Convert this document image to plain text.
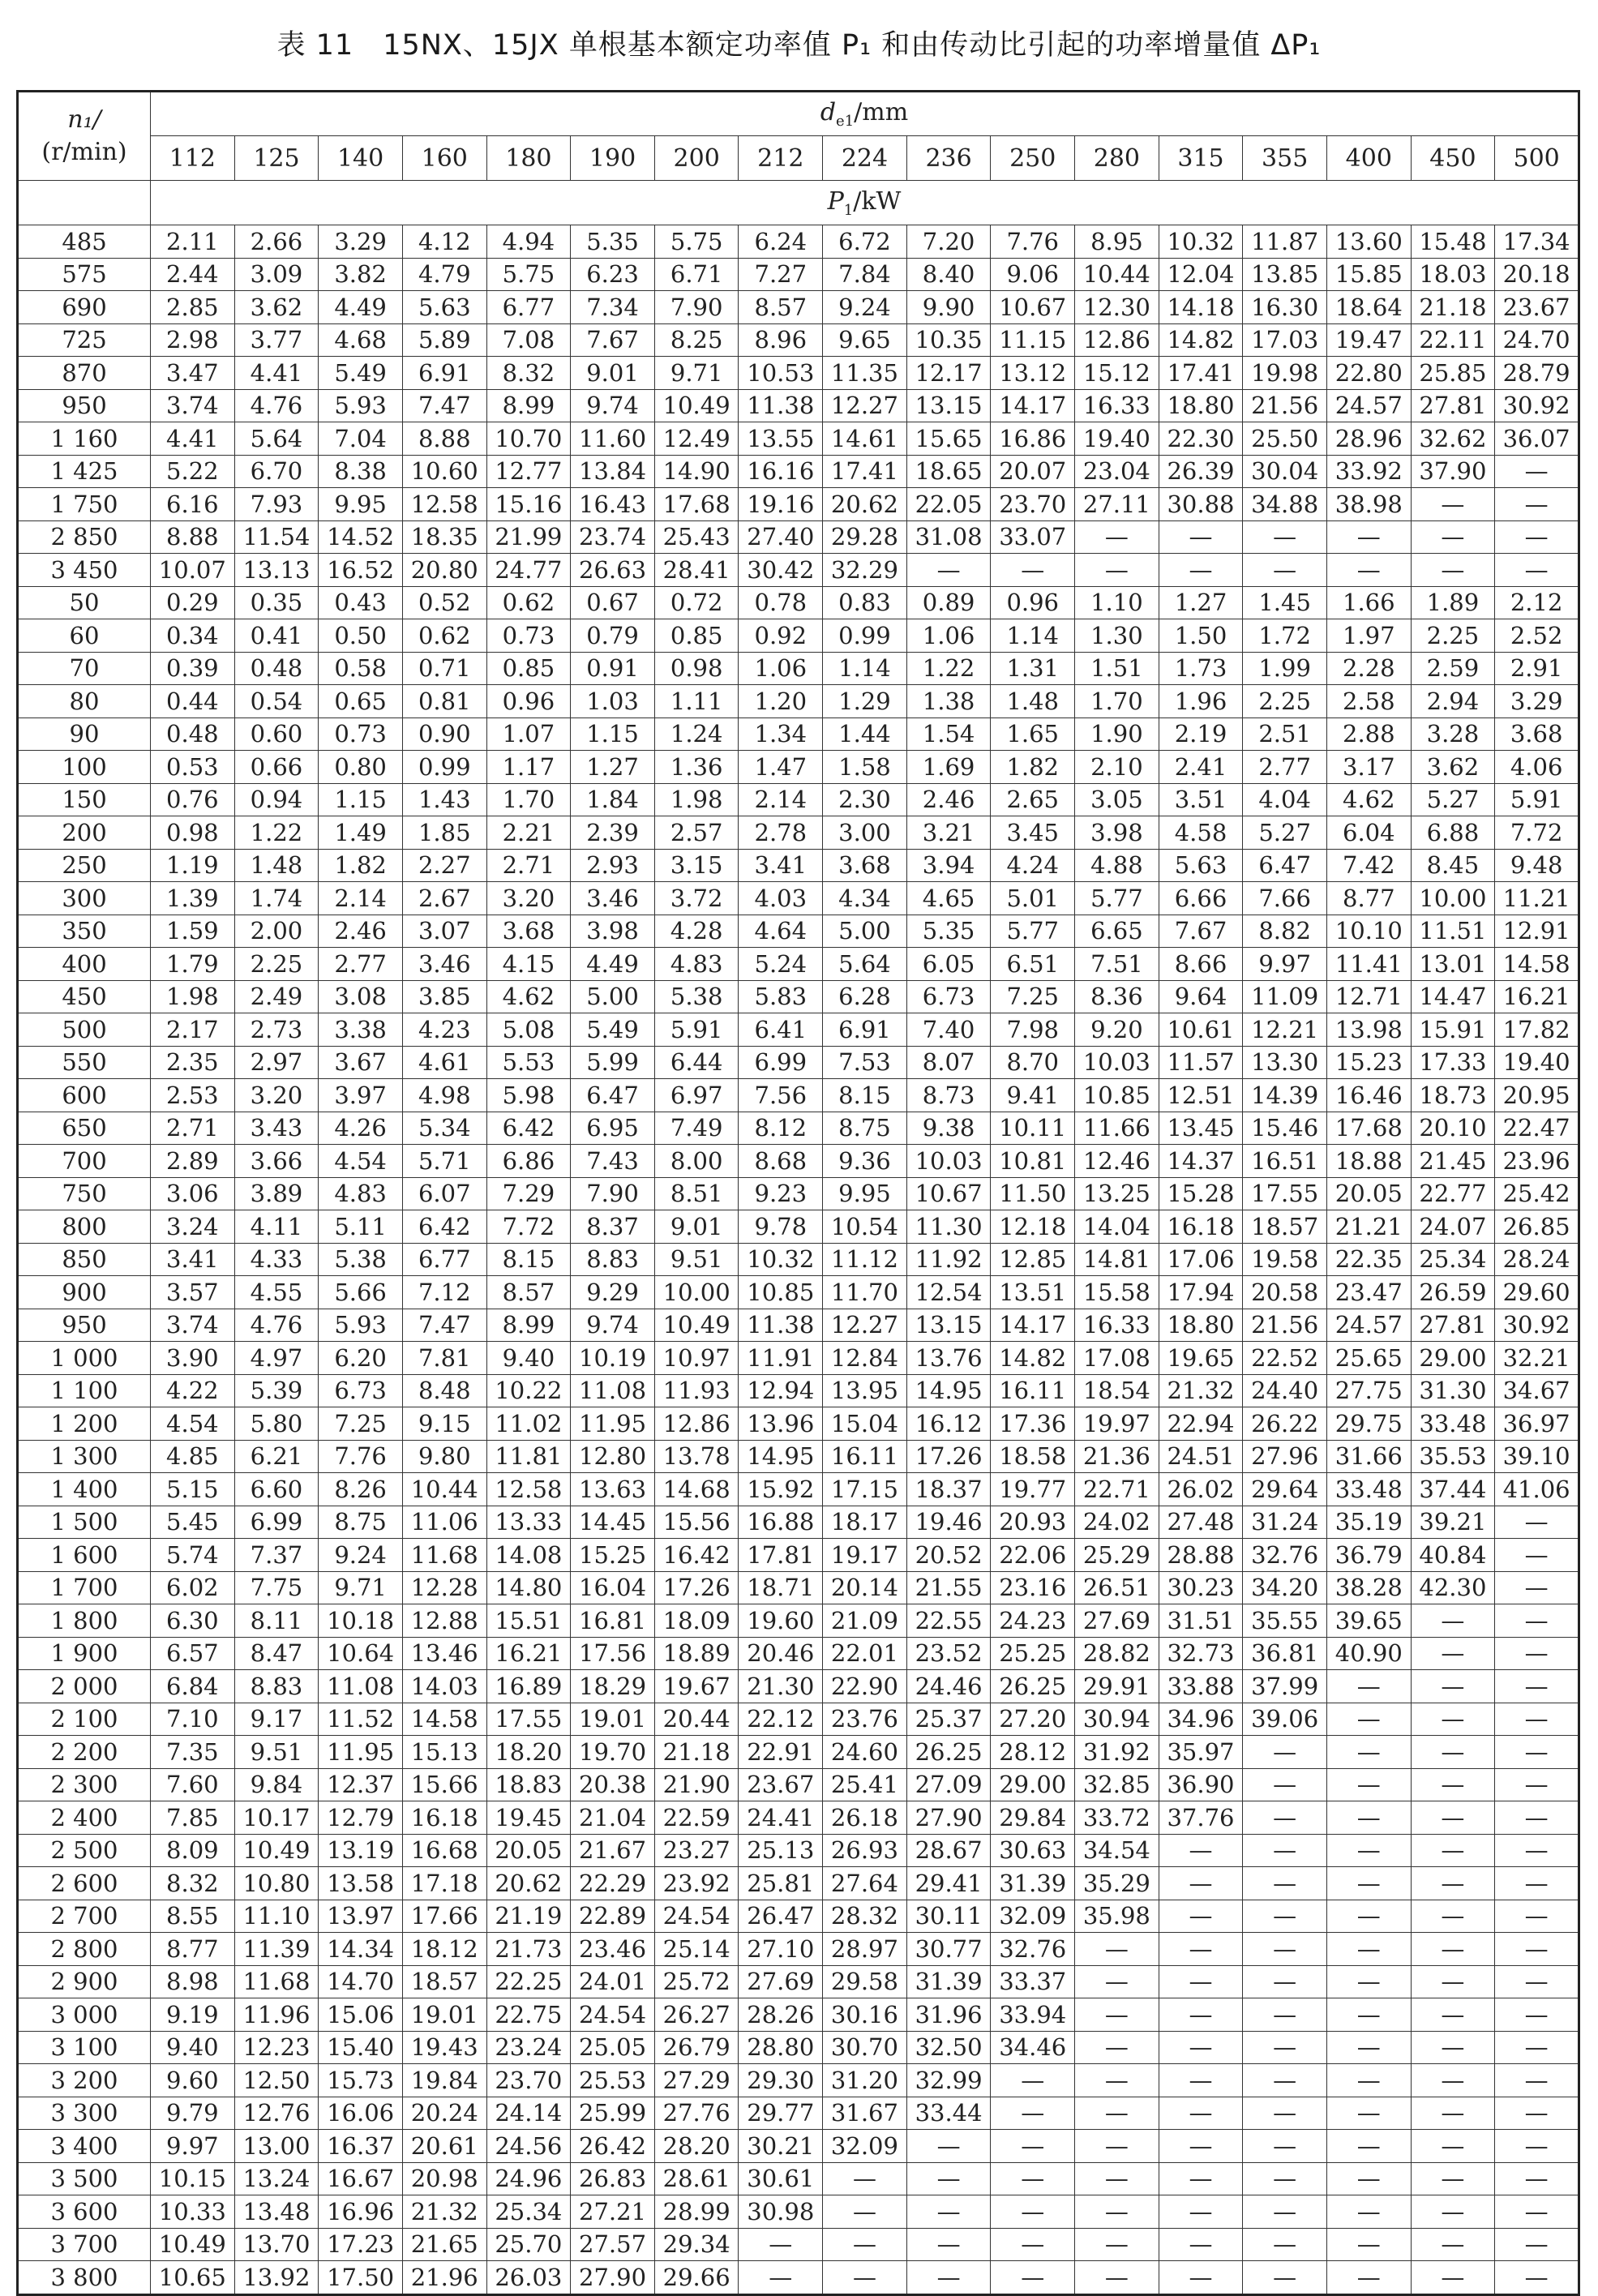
表 11　15NX、15JX 单根基本额定功率值 P₁ 和由传动比引起的功率增量值 ΔP₁
n₁/
(r/min)	$d_{e1}/mm$																
	112	125	140	160	180	190	200	212	224	236	250	280	315	355	400	450	500
	$P_1/kW$																
485	2.11	2.66	3.29	4.12	4.94	5.35	5.75	6.24	6.72	7.20	7.76	8.95	10.32	11.87	13.60	15.48	17.34
575	2.44	3.09	3.82	4.79	5.75	6.23	6.71	7.27	7.84	8.40	9.06	10.44	12.04	13.85	15.85	18.03	20.18
690	2.85	3.62	4.49	5.63	6.77	7.34	7.90	8.57	9.24	9.90	10.67	12.30	14.18	16.30	18.64	21.18	23.67
725	2.98	3.77	4.68	5.89	7.08	7.67	8.25	8.96	9.65	10.35	11.15	12.86	14.82	17.03	19.47	22.11	24.70
870	3.47	4.41	5.49	6.91	8.32	9.01	9.71	10.53	11.35	12.17	13.12	15.12	17.41	19.98	22.80	25.85	28.79
950	3.74	4.76	5.93	7.47	8.99	9.74	10.49	11.38	12.27	13.15	14.17	16.33	18.80	21.56	24.57	27.81	30.92
1 160	4.41	5.64	7.04	8.88	10.70	11.60	12.49	13.55	14.61	15.65	16.86	19.40	22.30	25.50	28.96	32.62	36.07
1 425	5.22	6.70	8.38	10.60	12.77	13.84	14.90	16.16	17.41	18.65	20.07	23.04	26.39	30.04	33.92	37.90	—
1 750	6.16	7.93	9.95	12.58	15.16	16.43	17.68	19.16	20.62	22.05	23.70	27.11	30.88	34.88	38.98	—	—
2 850	8.88	11.54	14.52	18.35	21.99	23.74	25.43	27.40	29.28	31.08	33.07	—	—	—	—	—	—
3 450	10.07	13.13	16.52	20.80	24.77	26.63	28.41	30.42	32.29	—	—	—	—	—	—	—	—
50	0.29	0.35	0.43	0.52	0.62	0.67	0.72	0.78	0.83	0.89	0.96	1.10	1.27	1.45	1.66	1.89	2.12
60	0.34	0.41	0.50	0.62	0.73	0.79	0.85	0.92	0.99	1.06	1.14	1.30	1.50	1.72	1.97	2.25	2.52
70	0.39	0.48	0.58	0.71	0.85	0.91	0.98	1.06	1.14	1.22	1.31	1.51	1.73	1.99	2.28	2.59	2.91
80	0.44	0.54	0.65	0.81	0.96	1.03	1.11	1.20	1.29	1.38	1.48	1.70	1.96	2.25	2.58	2.94	3.29
90	0.48	0.60	0.73	0.90	1.07	1.15	1.24	1.34	1.44	1.54	1.65	1.90	2.19	2.51	2.88	3.28	3.68
100	0.53	0.66	0.80	0.99	1.17	1.27	1.36	1.47	1.58	1.69	1.82	2.10	2.41	2.77	3.17	3.62	4.06
150	0.76	0.94	1.15	1.43	1.70	1.84	1.98	2.14	2.30	2.46	2.65	3.05	3.51	4.04	4.62	5.27	5.91
200	0.98	1.22	1.49	1.85	2.21	2.39	2.57	2.78	3.00	3.21	3.45	3.98	4.58	5.27	6.04	6.88	7.72
250	1.19	1.48	1.82	2.27	2.71	2.93	3.15	3.41	3.68	3.94	4.24	4.88	5.63	6.47	7.42	8.45	9.48
300	1.39	1.74	2.14	2.67	3.20	3.46	3.72	4.03	4.34	4.65	5.01	5.77	6.66	7.66	8.77	10.00	11.21
350	1.59	2.00	2.46	3.07	3.68	3.98	4.28	4.64	5.00	5.35	5.77	6.65	7.67	8.82	10.10	11.51	12.91
400	1.79	2.25	2.77	3.46	4.15	4.49	4.83	5.24	5.64	6.05	6.51	7.51	8.66	9.97	11.41	13.01	14.58
450	1.98	2.49	3.08	3.85	4.62	5.00	5.38	5.83	6.28	6.73	7.25	8.36	9.64	11.09	12.71	14.47	16.21
500	2.17	2.73	3.38	4.23	5.08	5.49	5.91	6.41	6.91	7.40	7.98	9.20	10.61	12.21	13.98	15.91	17.82
550	2.35	2.97	3.67	4.61	5.53	5.99	6.44	6.99	7.53	8.07	8.70	10.03	11.57	13.30	15.23	17.33	19.40
600	2.53	3.20	3.97	4.98	5.98	6.47	6.97	7.56	8.15	8.73	9.41	10.85	12.51	14.39	16.46	18.73	20.95
650	2.71	3.43	4.26	5.34	6.42	6.95	7.49	8.12	8.75	9.38	10.11	11.66	13.45	15.46	17.68	20.10	22.47
700	2.89	3.66	4.54	5.71	6.86	7.43	8.00	8.68	9.36	10.03	10.81	12.46	14.37	16.51	18.88	21.45	23.96
750	3.06	3.89	4.83	6.07	7.29	7.90	8.51	9.23	9.95	10.67	11.50	13.25	15.28	17.55	20.05	22.77	25.42
800	3.24	4.11	5.11	6.42	7.72	8.37	9.01	9.78	10.54	11.30	12.18	14.04	16.18	18.57	21.21	24.07	26.85
850	3.41	4.33	5.38	6.77	8.15	8.83	9.51	10.32	11.12	11.92	12.85	14.81	17.06	19.58	22.35	25.34	28.24
900	3.57	4.55	5.66	7.12	8.57	9.29	10.00	10.85	11.70	12.54	13.51	15.58	17.94	20.58	23.47	26.59	29.60
950	3.74	4.76	5.93	7.47	8.99	9.74	10.49	11.38	12.27	13.15	14.17	16.33	18.80	21.56	24.57	27.81	30.92
1 000	3.90	4.97	6.20	7.81	9.40	10.19	10.97	11.91	12.84	13.76	14.82	17.08	19.65	22.52	25.65	29.00	32.21
1 100	4.22	5.39	6.73	8.48	10.22	11.08	11.93	12.94	13.95	14.95	16.11	18.54	21.32	24.40	27.75	31.30	34.67
1 200	4.54	5.80	7.25	9.15	11.02	11.95	12.86	13.96	15.04	16.12	17.36	19.97	22.94	26.22	29.75	33.48	36.97
1 300	4.85	6.21	7.76	9.80	11.81	12.80	13.78	14.95	16.11	17.26	18.58	21.36	24.51	27.96	31.66	35.53	39.10
1 400	5.15	6.60	8.26	10.44	12.58	13.63	14.68	15.92	17.15	18.37	19.77	22.71	26.02	29.64	33.48	37.44	41.06
1 500	5.45	6.99	8.75	11.06	13.33	14.45	15.56	16.88	18.17	19.46	20.93	24.02	27.48	31.24	35.19	39.21	—
1 600	5.74	7.37	9.24	11.68	14.08	15.25	16.42	17.81	19.17	20.52	22.06	25.29	28.88	32.76	36.79	40.84	—
1 700	6.02	7.75	9.71	12.28	14.80	16.04	17.26	18.71	20.14	21.55	23.16	26.51	30.23	34.20	38.28	42.30	—
1 800	6.30	8.11	10.18	12.88	15.51	16.81	18.09	19.60	21.09	22.55	24.23	27.69	31.51	35.55	39.65	—	—
1 900	6.57	8.47	10.64	13.46	16.21	17.56	18.89	20.46	22.01	23.52	25.25	28.82	32.73	36.81	40.90	—	—
2 000	6.84	8.83	11.08	14.03	16.89	18.29	19.67	21.30	22.90	24.46	26.25	29.91	33.88	37.99	—	—	—
2 100	7.10	9.17	11.52	14.58	17.55	19.01	20.44	22.12	23.76	25.37	27.20	30.94	34.96	39.06	—	—	—
2 200	7.35	9.51	11.95	15.13	18.20	19.70	21.18	22.91	24.60	26.25	28.12	31.92	35.97	—	—	—	—
2 300	7.60	9.84	12.37	15.66	18.83	20.38	21.90	23.67	25.41	27.09	29.00	32.85	36.90	—	—	—	—
2 400	7.85	10.17	12.79	16.18	19.45	21.04	22.59	24.41	26.18	27.90	29.84	33.72	37.76	—	—	—	—
2 500	8.09	10.49	13.19	16.68	20.05	21.67	23.27	25.13	26.93	28.67	30.63	34.54	—	—	—	—	—
2 600	8.32	10.80	13.58	17.18	20.62	22.29	23.92	25.81	27.64	29.41	31.39	35.29	—	—	—	—	—
2 700	8.55	11.10	13.97	17.66	21.19	22.89	24.54	26.47	28.32	30.11	32.09	35.98	—	—	—	—	—
2 800	8.77	11.39	14.34	18.12	21.73	23.46	25.14	27.10	28.97	30.77	32.76	—	—	—	—	—	—
2 900	8.98	11.68	14.70	18.57	22.25	24.01	25.72	27.69	29.58	31.39	33.37	—	—	—	—	—	—
3 000	9.19	11.96	15.06	19.01	22.75	24.54	26.27	28.26	30.16	31.96	33.94	—	—	—	—	—	—
3 100	9.40	12.23	15.40	19.43	23.24	25.05	26.79	28.80	30.70	32.50	34.46	—	—	—	—	—	—
3 200	9.60	12.50	15.73	19.84	23.70	25.53	27.29	29.30	31.20	32.99	—	—	—	—	—	—	—
3 300	9.79	12.76	16.06	20.24	24.14	25.99	27.76	29.77	31.67	33.44	—	—	—	—	—	—	—
3 400	9.97	13.00	16.37	20.61	24.56	26.42	28.20	30.21	32.09	—	—	—	—	—	—	—	—
3 500	10.15	13.24	16.67	20.98	24.96	26.83	28.61	30.61	—	—	—	—	—	—	—	—	—
3 600	10.33	13.48	16.96	21.32	25.34	27.21	28.99	30.98	—	—	—	—	—	—	—	—	—
3 700	10.49	13.70	17.23	21.65	25.70	27.57	29.34	—	—	—	—	—	—	—	—	—	—
3 800	10.65	13.92	17.50	21.96	26.03	27.90	29.66	—	—	—	—	—	—	—	—	—	—
